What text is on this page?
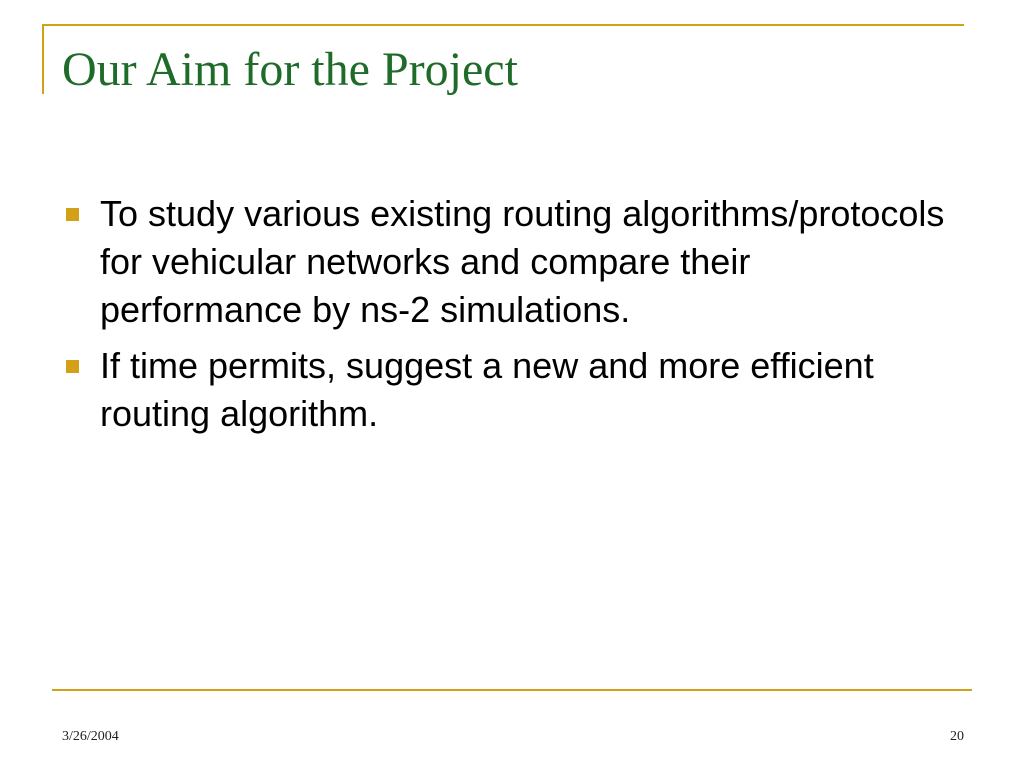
Our Aim for the Project
To study various existing routing algorithms/protocols for vehicular networks and compare their performance by ns-2 simulations.
If time permits, suggest a new and more efficient routing algorithm.
3/26/2004	20
